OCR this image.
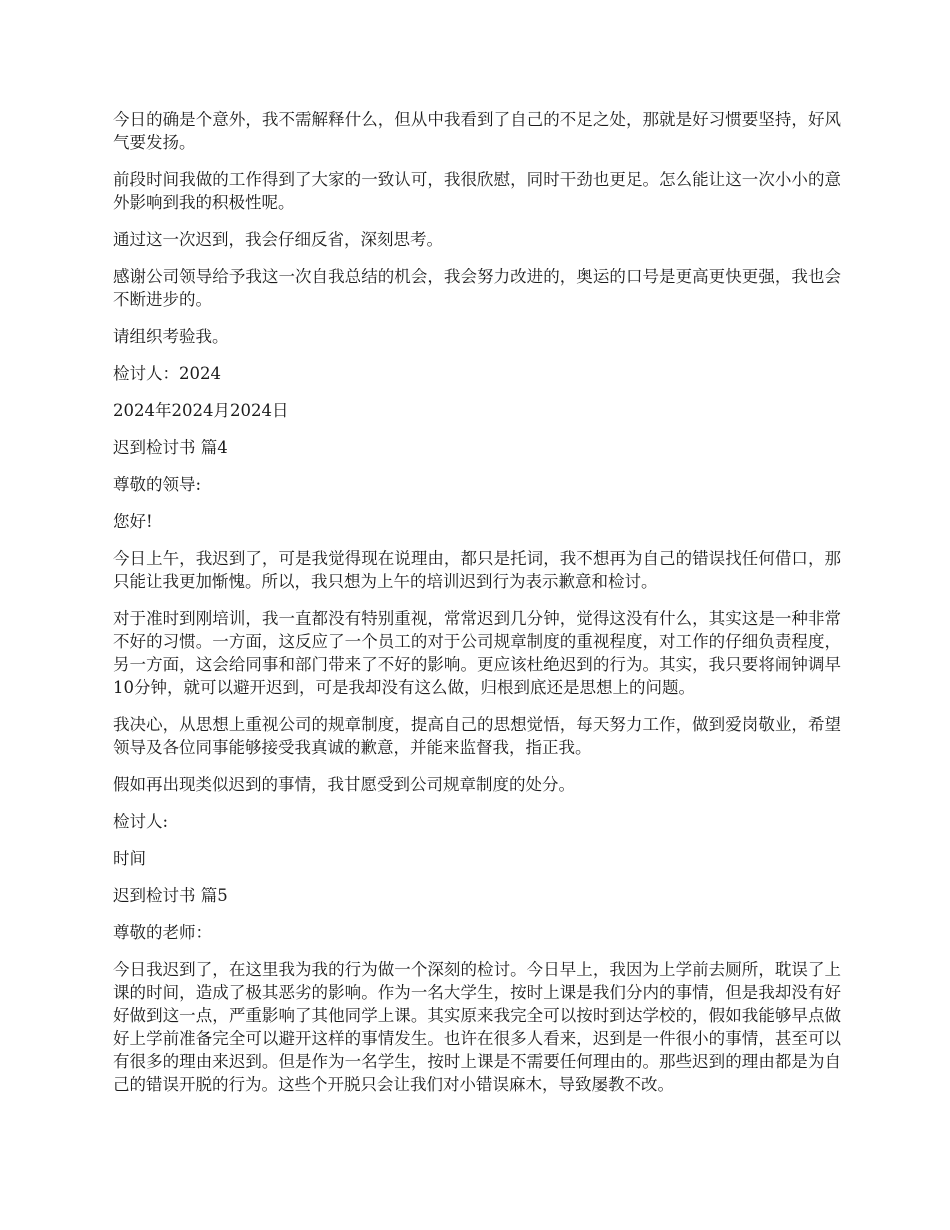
今日的确是个意外，我不需解释什么，但从中我看到了自己的不足之处，那就是好习惯要坚持，好风气要发扬。

前段时间我做的工作得到了大家的一致认可，我很欣慰，同时干劲也更足。怎么能让这一次小小的意外影响到我的积极性呢。

通过这一次迟到，我会仔细反省，深刻思考。

感谢公司领导给予我这一次自我总结的机会，我会努力改进的，奥运的口号是更高更快更强，我也会不断进步的。

请组织考验我。

检讨人：2024

2024年2024月2024日

迟到检讨书 篇4

尊敬的领导:

您好!

今日上午，我迟到了，可是我觉得现在说理由，都只是托词，我不想再为自己的错误找任何借口，那只能让我更加惭愧。所以，我只想为上午的培训迟到行为表示歉意和检讨。

对于准时到刚培训，我一直都没有特别重视，常常迟到几分钟，觉得这没有什么，其实这是一种非常不好的习惯。一方面，这反应了一个员工的对于公司规章制度的重视程度，对工作的仔细负责程度，另一方面，这会给同事和部门带来了不好的影响。更应该杜绝迟到的行为。其实，我只要将闹钟调早10分钟，就可以避开迟到，可是我却没有这么做，归根到底还是思想上的问题。

我决心，从思想上重视公司的规章制度，提高自己的思想觉悟，每天努力工作，做到爱岗敬业，希望领导及各位同事能够接受我真诚的歉意，并能来监督我，指正我。

假如再出现类似迟到的事情，我甘愿受到公司规章制度的处分。

检讨人:

时间

迟到检讨书 篇5

尊敬的老师：

今日我迟到了，在这里我为我的行为做一个深刻的检讨。今日早上，我因为上学前去厕所，耽误了上课的时间，造成了极其恶劣的影响。作为一名大学生，按时上课是我们分内的事情，但是我却没有好好做到这一点，严重影响了其他同学上课。其实原来我完全可以按时到达学校的，假如我能够早点做好上学前准备完全可以避开这样的事情发生。也许在很多人看来，迟到是一件很小的事情，甚至可以有很多的理由来迟到。但是作为一名学生，按时上课是不需要任何理由的。那些迟到的理由都是为自己的错误开脱的行为。这些个开脱只会让我们对小错误麻木，导致屡教不改。
